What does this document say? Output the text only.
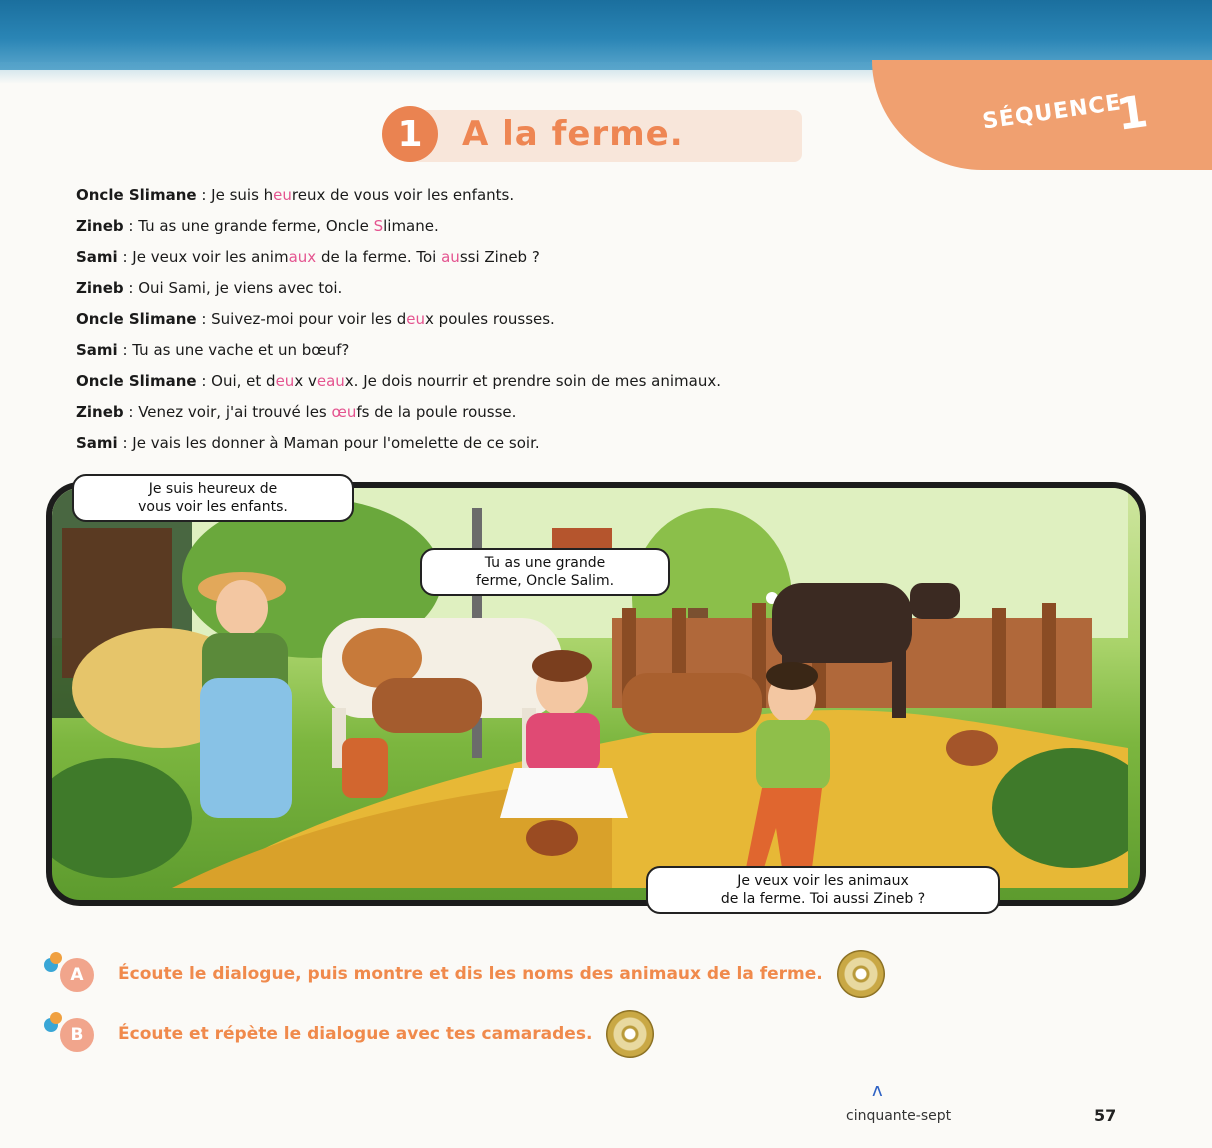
SÉQUENCE
1
1	A la ferme.
Oncle Slimane : Je suis heureux de vous voir les enfants.
Zineb : Tu as une grande ferme, Oncle Slimane.
Sami : Je veux voir les animaux de la ferme. Toi aussi Zineb ?
Zineb : Oui Sami, je viens avec toi.
Oncle Slimane : Suivez-moi pour voir les deux poules rousses.
Sami : Tu as une vache et un bœuf?
Oncle Slimane : Oui, et deux veaux. Je dois nourrir et prendre soin de mes animaux.
Zineb : Venez voir, j'ai trouvé les œufs de la poule rousse.
Sami : Je vais les donner à Maman pour l'omelette de ce soir.
Je suis heureux de
vous voir les enfants.
Tu as une grande
ferme, Oncle Salim.
Je veux voir les animaux
de la ferme. Toi aussi Zineb ?
A	Écoute le dialogue, puis montre et dis les noms des animaux de la ferme.
B	Écoute et répète le dialogue avec tes camarades.
ᴧ
cinquante-sept	57
